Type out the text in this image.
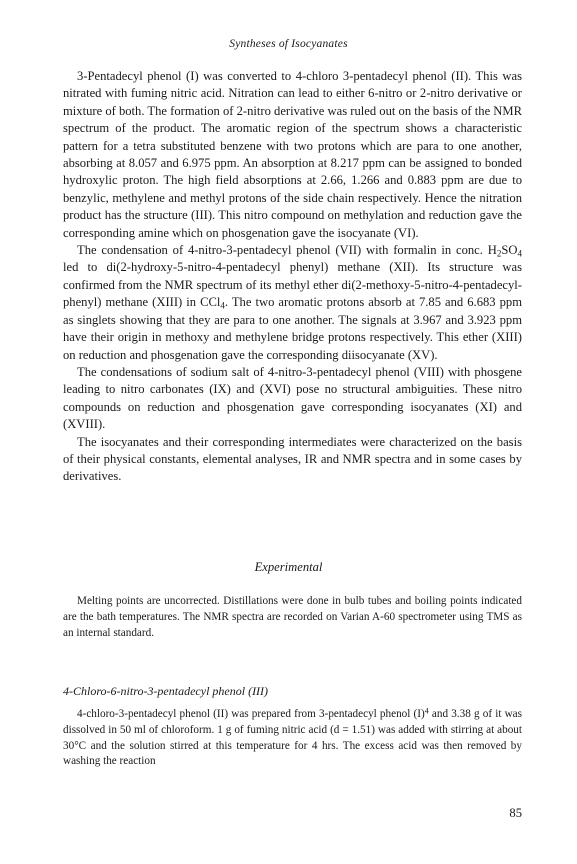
Syntheses of Isocyanates

3-Pentadecyl phenol (I) was converted to 4-chloro 3-pentadecyl phenol (II). This was nitrated with fuming nitric acid. Nitration can lead to either 6-nitro or 2-nitro derivative or mixture of both. The formation of 2-nitro derivative was ruled out on the basis of the NMR spectrum of the product. The aromatic region of the spectrum shows a characteristic pattern for a tetra substituted benzene with two protons which are para to one another, absorbing at 8.057 and 6.975 ppm. An absorption at 8.217 ppm can be assigned to bonded hydroxylic proton. The high field absorptions at 2.66, 1.266 and 0.883 ppm are due to benzylic, methylene and methyl protons of the side chain respectively. Hence the nitration product has the structure (III). This nitro compound on methylation and reduction gave the corresponding amine which on phosgenation gave the isocyanate (VI).

The condensation of 4-nitro-3-pentadecyl phenol (VII) with formalin in conc. $H_2SO_4$ led to di(2-hydroxy-5-nitro-4-pentadecyl phenyl) methane (XII). Its structure was confirmed from the NMR spectrum of its methyl ether di(2-methoxy-5-nitro-4-pentadecyl-phenyl) methane (XIII) in CCl$_4$. The two aromatic protons absorb at 7.85 and 6.683 ppm as singlets showing that they are para to one another. The signals at 3.967 and 3.923 ppm have their origin in methoxy and methylene bridge protons respectively. This ether (XIII) on reduction and phosgenation gave the corresponding diisocyanate (XV).

The condensations of sodium salt of 4-nitro-3-pentadecyl phenol (VIII) with phosgene leading to nitro carbonates (IX) and (XVI) pose no structural ambiguities. These nitro compounds on reduction and phosgenation gave corresponding isocyanates (XI) and (XVIII).

The isocyanates and their corresponding intermediates were characterized on the basis of their physical constants, elemental analyses, IR and NMR spectra and in some cases by derivatives.

Experimental

Melting points are uncorrected. Distillations were done in bulb tubes and boiling points indicated are the bath temperatures. The NMR spectra are recorded on Varian A-60 spectrometer using TMS as an internal standard.

4-Chloro-6-nitro-3-pentadecyl phenol (III)

4-chloro-3-pentadecyl phenol (II) was prepared from 3-pentadecyl phenol $(I)^4$ and 3.38 g of it was dissolved in 50 ml of chloroform. 1 g of fuming nitric acid (d = 1.51) was added with stirring at about 30°C and the solution stirred at this temperature for 4 hrs. The excess acid was then removed by washing the reaction

85
